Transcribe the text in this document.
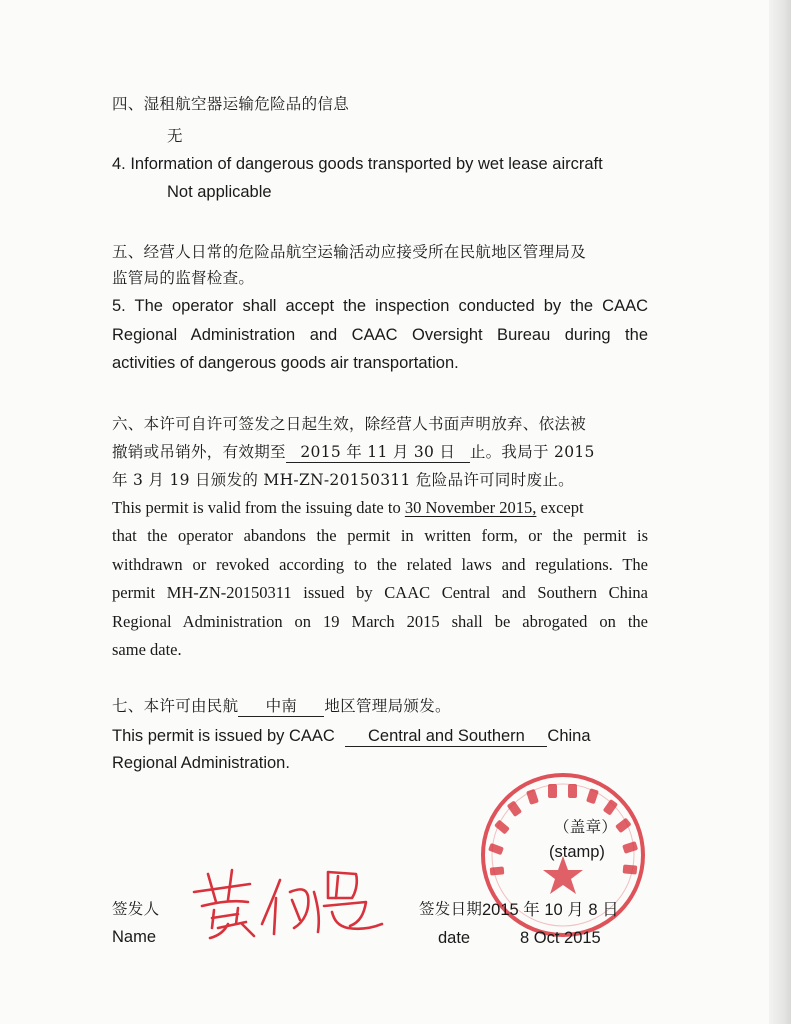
四、湿租航空器运输危险品的信息
无
4. Information of dangerous goods transported by wet lease aircraft
Not applicable
五、经营人日常的危险品航空运输活动应接受所在民航地区管理局及
监管局的监督检查。
5. The operator shall accept the inspection conducted by the CAAC
Regional Administration and CAAC Oversight Bureau during the
activities of dangerous goods air transportation.
六、本许可自许可签发之日起生效，除经营人书面声明放弃、依法被
撤销或吊销外，有效期至 2015 年 11 月 30 日 止。我局于 2015
年 3 月 19 日颁发的 MH-ZN-20150311 危险品许可同时废止。
This permit is valid from the issuing date to 30 November 2015, except
that the operator abandons the permit in written form, or the permit is
withdrawn or revoked according to the related laws and regulations. The
permit MH-ZN-20150311 issued by CAAC Central and Southern China
Regional Administration on 19 March 2015 shall be abrogated on the
same date.
七、本许可由民航 中南 地区管理局颁发。
This permit is issued by CAAC Central and Southern China
Regional Administration.
（盖章）
(stamp)
签发人
Name
签发日期 2015 年 10 月 8 日
date	8 Oct 2015
